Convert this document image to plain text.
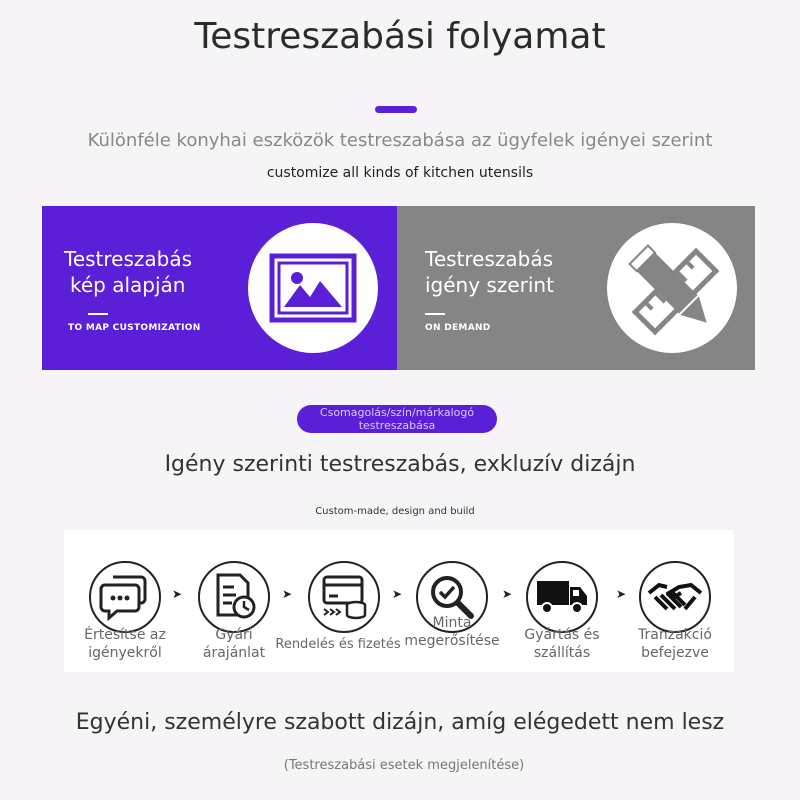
Testreszabási folyamat
Különféle konyhai eszközök testreszabása az ügyfelek igényei szerint
customize all kinds of kitchen utensils
Testreszabás
kép alapján
TO MAP CUSTOMIZATION
Testreszabás
igény szerint
ON DEMAND
Csomagolás/szín/márkalogó
testreszabása
Igény szerinti testreszabás, exkluzív dizájn
Custom-made, design and build
Értesítse az
igényekről
➤
Gyári
árajánlat
➤
Rendelés és fizetés
➤
Minta
megerősítése
➤
Gyártás és
szállítás
➤
Tranzakció
befejezve
Egyéni, személyre szabott dizájn, amíg elégedett nem lesz
(Testreszabási esetek megjelenítése)
